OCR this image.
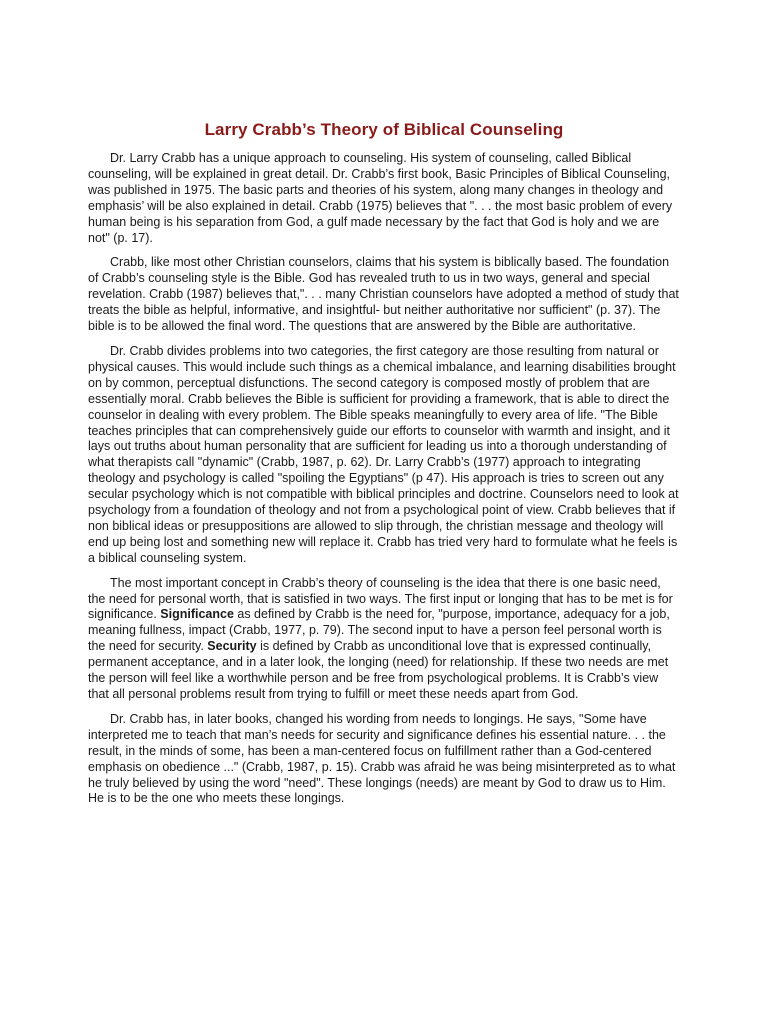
Larry Crabb’s Theory of Biblical Counseling

Dr. Larry Crabb has a unique approach to counseling. His system of counseling, called Biblical counseling, will be explained in great detail. Dr. Crabb’s first book, Basic Principles of Biblical Counseling, was published in 1975. The basic parts and theories of his system, along many changes in theology and emphasis’ will be also explained in detail. Crabb (1975) believes that ". . . the most basic problem of every human being is his separation from God, a gulf made necessary by the fact that God is holy and we are not" (p. 17).

Crabb, like most other Christian counselors, claims that his system is biblically based. The foundation of Crabb’s counseling style is the Bible. God has revealed truth to us in two ways, general and special revelation. Crabb (1987) believes that,". . . many Christian counselors have adopted a method of study that treats the bible as helpful, informative, and insightful- but neither authoritative nor sufficient" (p. 37). The bible is to be allowed the final word. The questions that are answered by the Bible are authoritative.

Dr. Crabb divides problems into two categories, the first category are those resulting from natural or physical causes. This would include such things as a chemical imbalance, and learning disabilities brought on by common, perceptual disfunctions. The second category is composed mostly of problem that are essentially moral. Crabb believes the Bible is sufficient for providing a framework, that is able to direct the counselor in dealing with every problem. The Bible speaks meaningfully to every area of life. "The Bible teaches principles that can comprehensively guide our efforts to counselor with warmth and insight, and it lays out truths about human personality that are sufficient for leading us into a thorough understanding of what therapists call "dynamic" (Crabb, 1987, p. 62). Dr. Larry Crabb’s (1977) approach to integrating theology and psychology is called "spoiling the Egyptians" (p 47). His approach is tries to screen out any secular psychology which is not compatible with biblical principles and doctrine. Counselors need to look at psychology from a foundation of theology and not from a psychological point of view. Crabb believes that if non biblical ideas or presuppositions are allowed to slip through, the christian message and theology will end up being lost and something new will replace it. Crabb has tried very hard to formulate what he feels is a biblical counseling system.

The most important concept in Crabb’s theory of counseling is the idea that there is one basic need, the need for personal worth, that is satisfied in two ways. The first input or longing that has to be met is for significance. Significance as defined by Crabb is the need for, "purpose, importance, adequacy for a job, meaning fullness, impact (Crabb, 1977, p. 79). The second input to have a person feel personal worth is the need for security. Security is defined by Crabb as unconditional love that is expressed continually, permanent acceptance, and in a later look, the longing (need) for relationship. If these two needs are met the person will feel like a worthwhile person and be free from psychological problems. It is Crabb’s view that all personal problems result from trying to fulfill or meet these needs apart from God.

Dr. Crabb has, in later books, changed his wording from needs to longings. He says, "Some have interpreted me to teach that man’s needs for security and significance defines his essential nature. . . the result, in the minds of some, has been a man-centered focus on fulfillment rather than a God-centered emphasis on obedience ..." (Crabb, 1987, p. 15). Crabb was afraid he was being misinterpreted as to what he truly believed by using the word "need". These longings (needs) are meant by God to draw us to Him. He is to be the one who meets these longings.
